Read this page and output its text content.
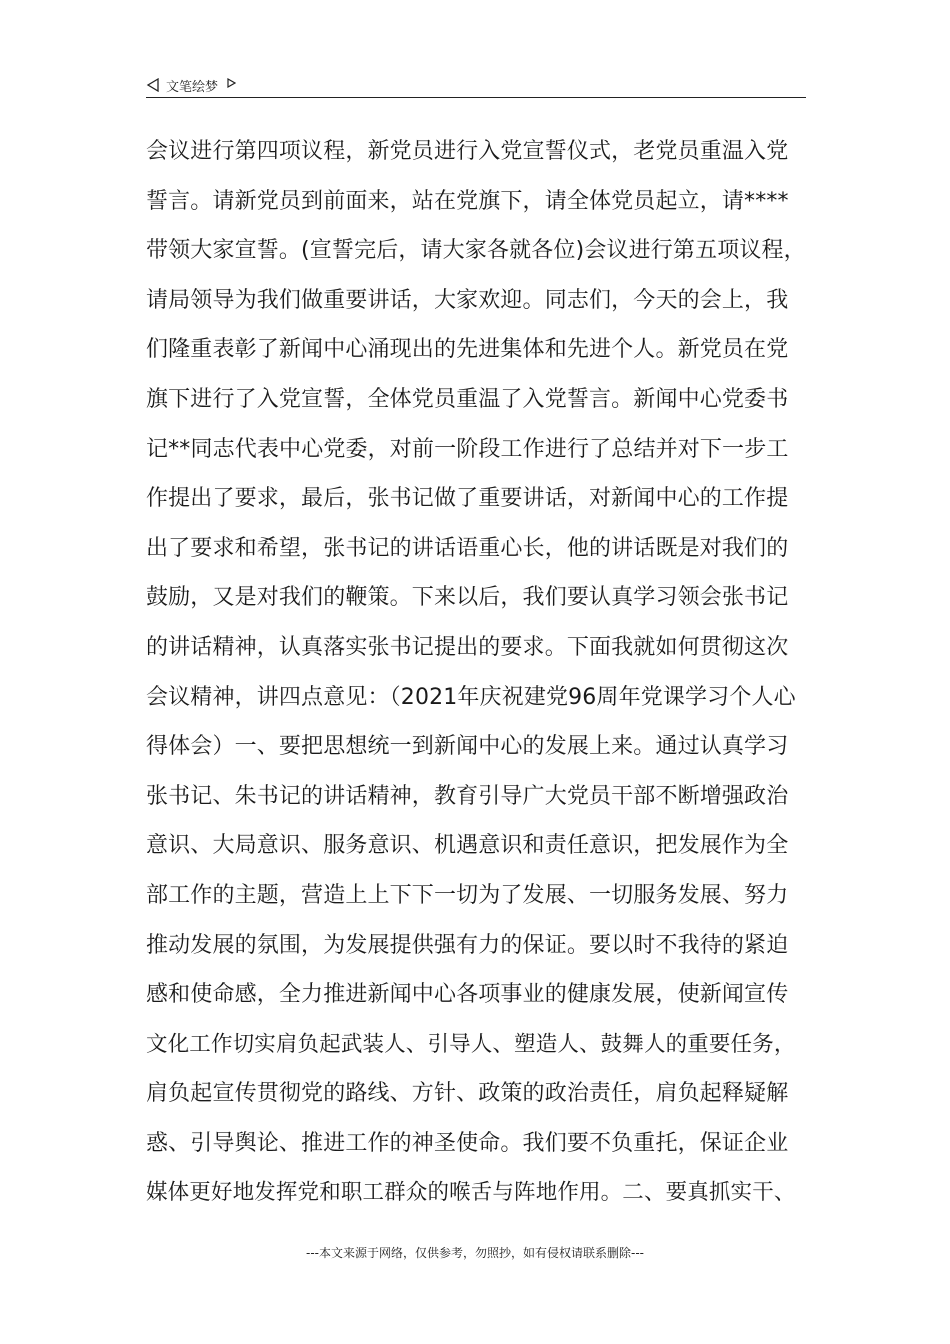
文笔绘梦
会议进行第四项议程，新党员进行入党宣誓仪式，老党员重温入党
誓言。请新党员到前面来，站在党旗下，请全体党员起立，请****
带领大家宣誓。(宣誓完后，请大家各就各位)会议进行第五项议程，
请局领导为我们做重要讲话，大家欢迎。同志们，今天的会上，我
们隆重表彰了新闻中心涌现出的先进集体和先进个人。新党员在党
旗下进行了入党宣誓，全体党员重温了入党誓言。新闻中心党委书
记**同志代表中心党委，对前一阶段工作进行了总结并对下一步工
作提出了要求，最后，张书记做了重要讲话，对新闻中心的工作提
出了要求和希望，张书记的讲话语重心长，他的讲话既是对我们的
鼓励，又是对我们的鞭策。下来以后，我们要认真学习领会张书记
的讲话精神，认真落实张书记提出的要求。下面我就如何贯彻这次
会议精神，讲四点意见：（2021年庆祝建党96周年党课学习个人心
得体会）一、要把思想统一到新闻中心的发展上来。通过认真学习
张书记、朱书记的讲话精神，教育引导广大党员干部不断增强政治
意识、大局意识、服务意识、机遇意识和责任意识，把发展作为全
部工作的主题，营造上上下下一切为了发展、一切服务发展、努力
推动发展的氛围，为发展提供强有力的保证。要以时不我待的紧迫
感和使命感，全力推进新闻中心各项事业的健康发展，使新闻宣传
文化工作切实肩负起武装人、引导人、塑造人、鼓舞人的重要任务，
肩负起宣传贯彻党的路线、方针、政策的政治责任，肩负起释疑解
惑、引导舆论、推进工作的神圣使命。我们要不负重托，保证企业
媒体更好地发挥党和职工群众的喉舌与阵地作用。二、要真抓实干、
---本文来源于网络，仅供参考，勿照抄，如有侵权请联系删除---
